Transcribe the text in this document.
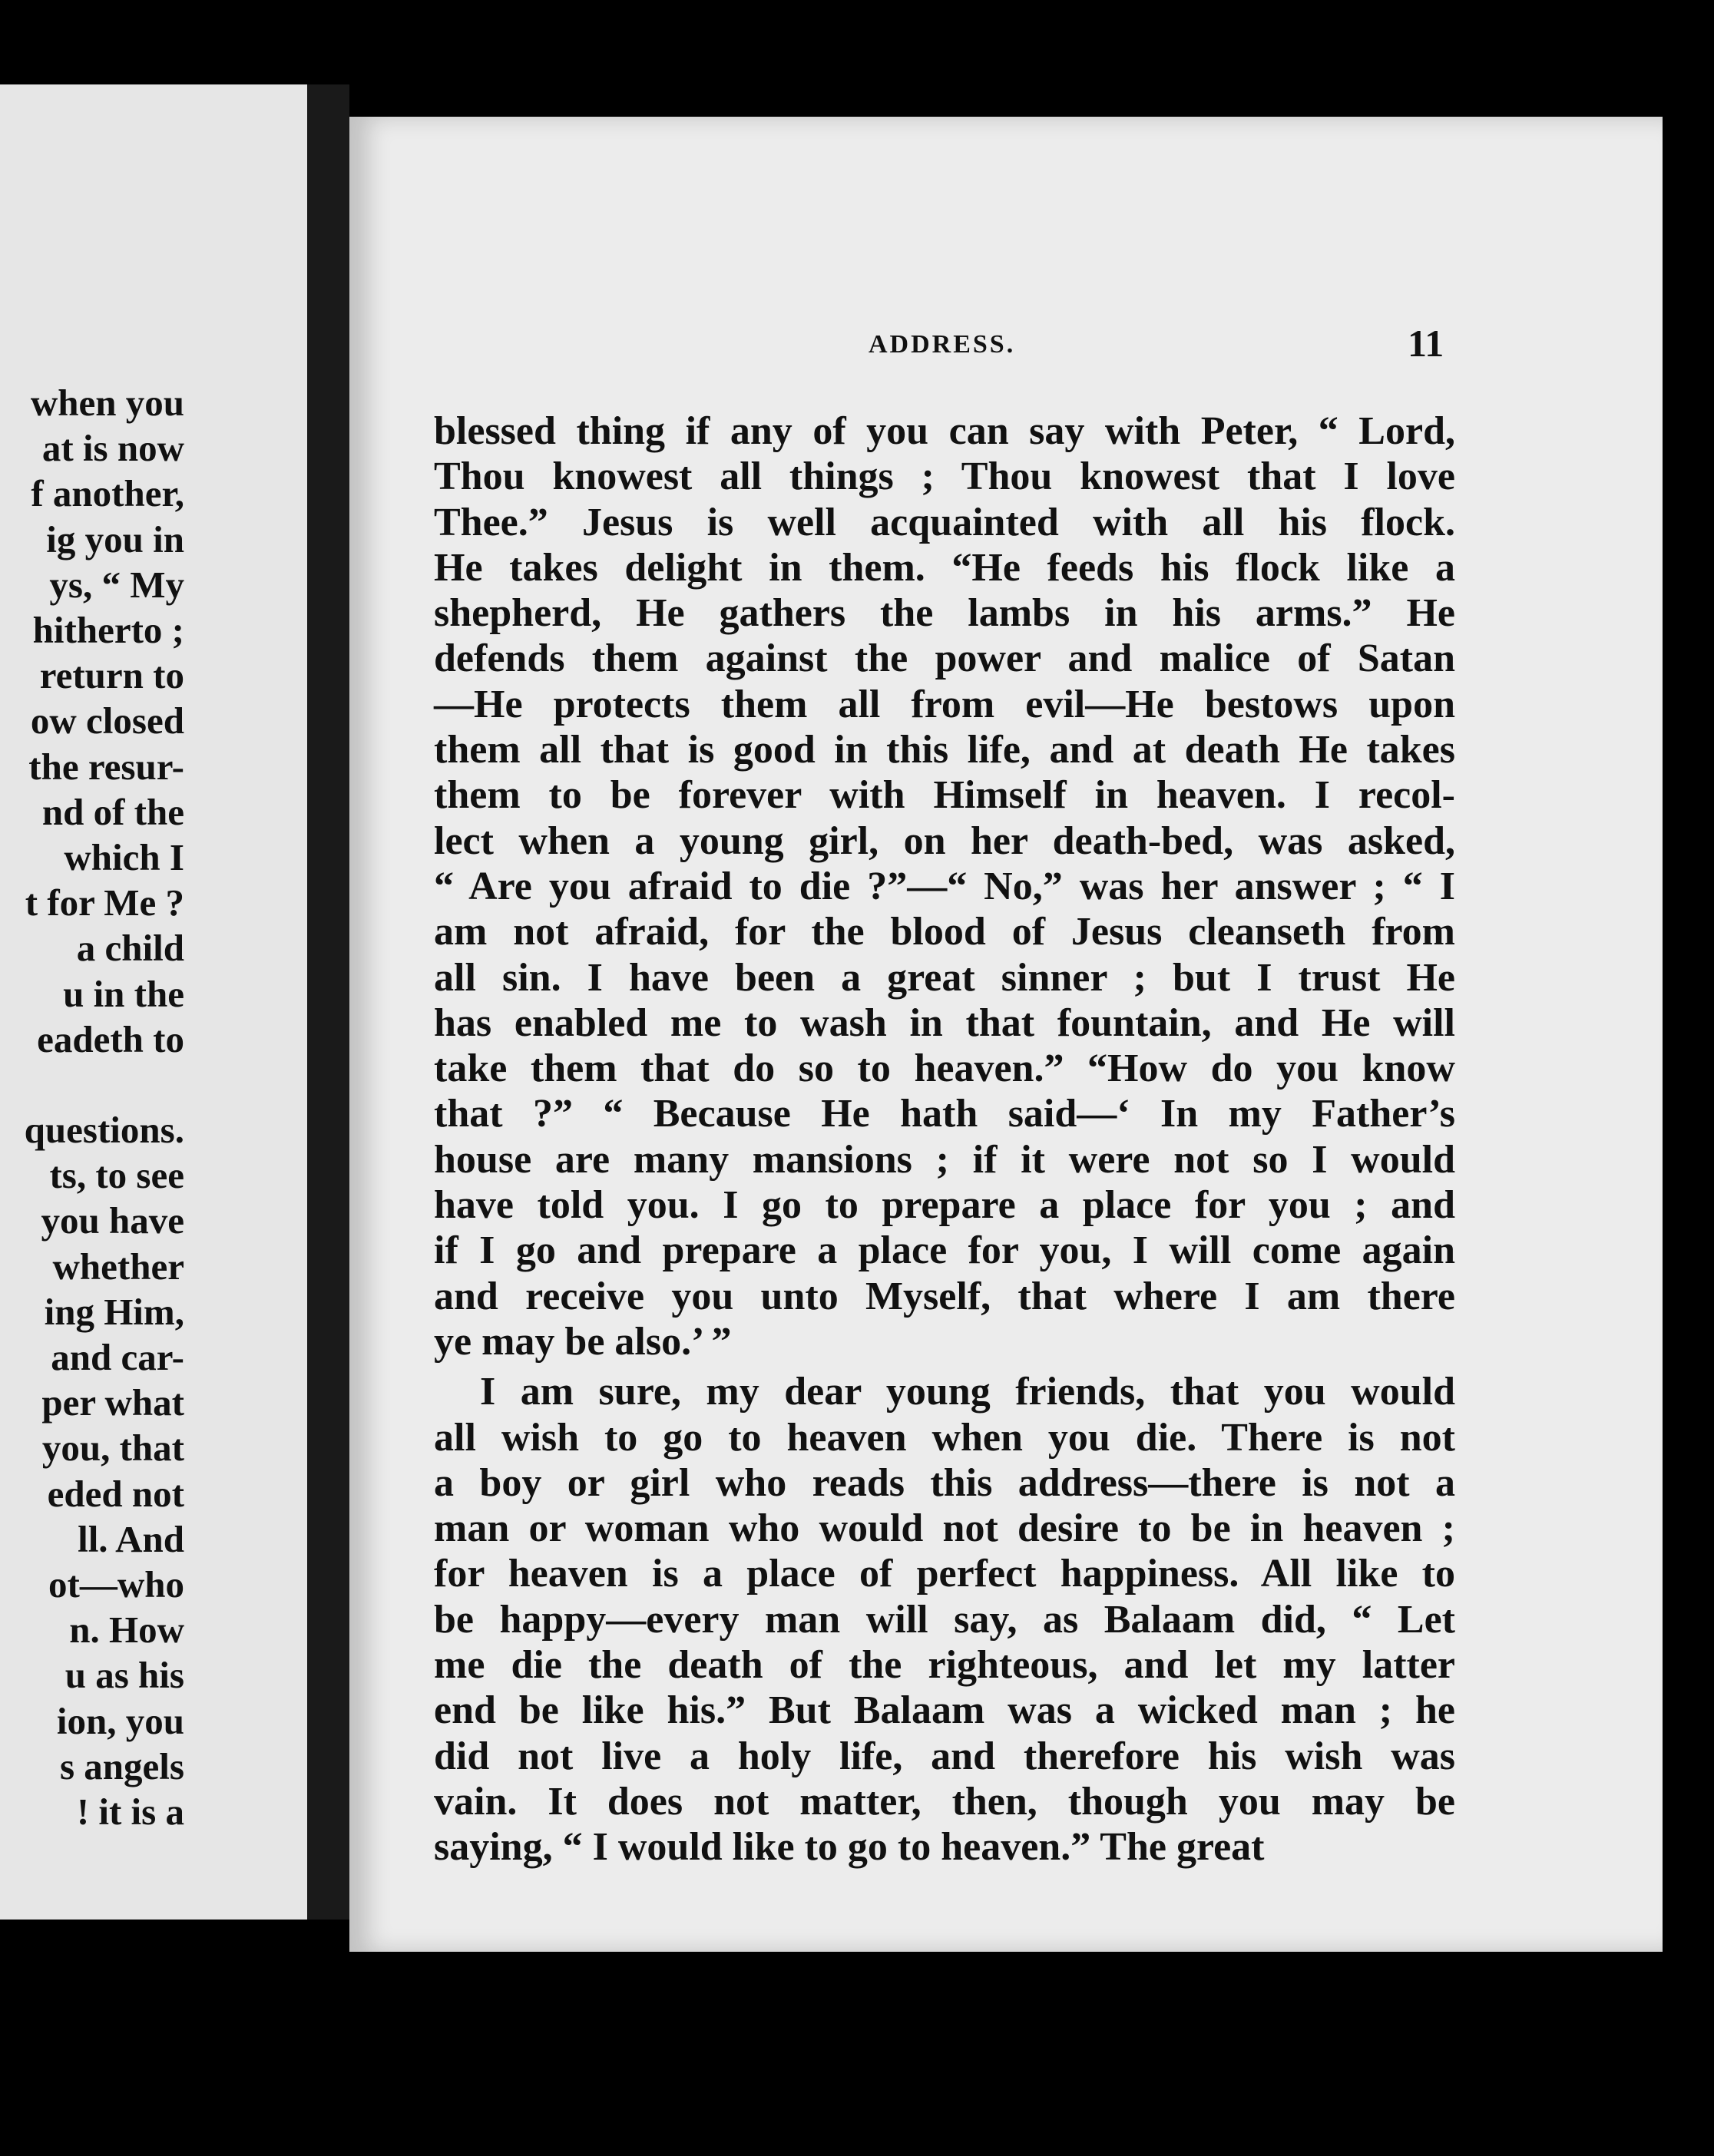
when you
at is now
f another,
ig you in
ys, “ My
hitherto ;
return to
ow closed
the resur-
nd of the
which I
t for Me ?
a child
u in the
eadeth to
questions.
ts, to see
you have
whether
ing Him,
and car-
per what
you, that
eded not
ll. And
ot—who
n. How
u as his
ion, you
s angels
! it is a
ADDRESS.	11
blessed thing if any of you can say with Peter, “ Lord,
Thou knowest all things ; Thou knowest that I love
Thee.” Jesus is well acquainted with all his flock.
He takes delight in them. “He feeds his flock like a
shepherd, He gathers the lambs in his arms.” He
defends them against the power and malice of Satan
—He protects them all from evil—He bestows upon
them all that is good in this life, and at death He takes
them to be forever with Himself in heaven. I recol-
lect when a young girl, on her death-bed, was asked,
“ Are you afraid to die ?”—“ No,” was her answer ; “ I
am not afraid, for the blood of Jesus cleanseth from
all sin. I have been a great sinner ; but I trust He
has enabled me to wash in that fountain, and He will
take them that do so to heaven.” “How do you know
that ?” “ Because He hath said—‘ In my Father’s
house are many mansions ; if it were not so I would
have told you. I go to prepare a place for you ; and
if I go and prepare a place for you, I will come again
and receive you unto Myself, that where I am there
ye may be also.’ ”
I am sure, my dear young friends, that you would
all wish to go to heaven when you die. There is not
a boy or girl who reads this address—there is not a
man or woman who would not desire to be in heaven ;
for heaven is a place of perfect happiness. All like to
be happy—every man will say, as Balaam did, “ Let
me die the death of the righteous, and let my latter
end be like his.” But Balaam was a wicked man ; he
did not live a holy life, and therefore his wish was
vain. It does not matter, then, though you may be
saying, “ I would like to go to heaven.” The great
